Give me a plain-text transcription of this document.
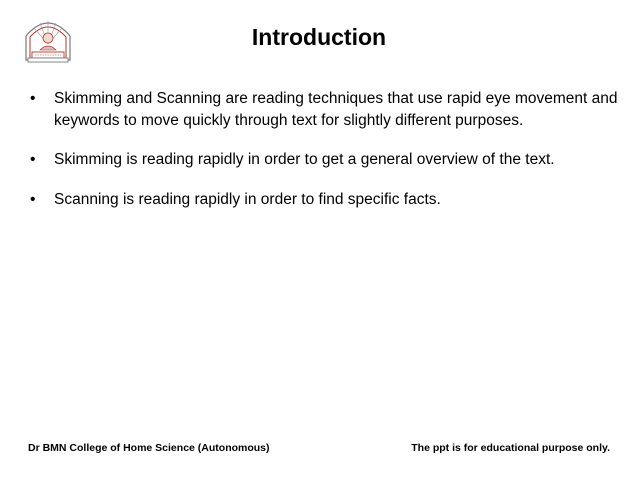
Introduction
• Skimming and Scanning are reading techniques that use rapid eye movement and keywords to move quickly through text for slightly different purposes.
• Skimming is reading rapidly in order to get a general overview of the text.
• Scanning is reading rapidly in order to find specific facts.
Dr BMN College of Home Science (Autonomous)	The ppt is for educational purpose only.
